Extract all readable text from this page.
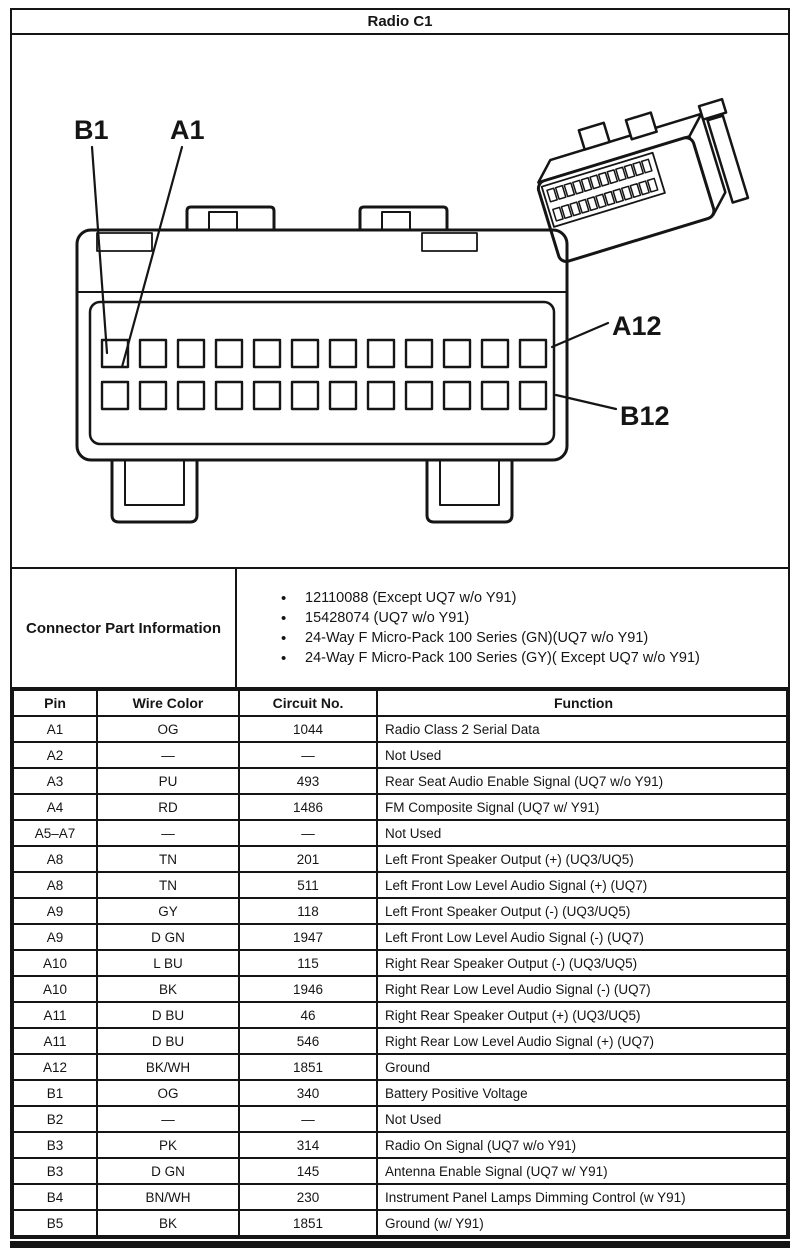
Radio C1
B1 A1
A12
B12
Connector Part Information
• 12110088 (Except UQ7 w/o Y91)
• 15428074 (UQ7 w/o Y91)
• 24-Way F Micro-Pack 100 Series (GN)(UQ7 w/o Y91)
• 24-Way F Micro-Pack 100 Series (GY)( Except UQ7 w/o Y91)
Pin	Wire Color	Circuit No.	Function
A1	OG	1044	Radio Class 2 Serial Data
A2	—	—	Not Used
A3	PU	493	Rear Seat Audio Enable Signal (UQ7 w/o Y91)
A4	RD	1486	FM Composite Signal (UQ7 w/ Y91)
A5–A7	—	—	Not Used
A8	TN	201	Left Front Speaker Output (+) (UQ3/UQ5)
A8	TN	511	Left Front Low Level Audio Signal (+) (UQ7)
A9	GY	118	Left Front Speaker Output (-) (UQ3/UQ5)
A9	D GN	1947	Left Front Low Level Audio Signal (-) (UQ7)
A10	L BU	115	Right Rear Speaker Output (-) (UQ3/UQ5)
A10	BK	1946	Right Rear Low Level Audio Signal (-) (UQ7)
A11	D BU	46	Right Rear Speaker Output (+) (UQ3/UQ5)
A11	D BU	546	Right Rear Low Level Audio Signal (+) (UQ7)
A12	BK/WH	1851	Ground
B1	OG	340	Battery Positive Voltage
B2	—	—	Not Used
B3	PK	314	Radio On Signal (UQ7 w/o Y91)
B3	D GN	145	Antenna Enable Signal (UQ7 w/ Y91)
B4	BN/WH	230	Instrument Panel Lamps Dimming Control (w Y91)
B5	BK	1851	Ground (w/ Y91)
